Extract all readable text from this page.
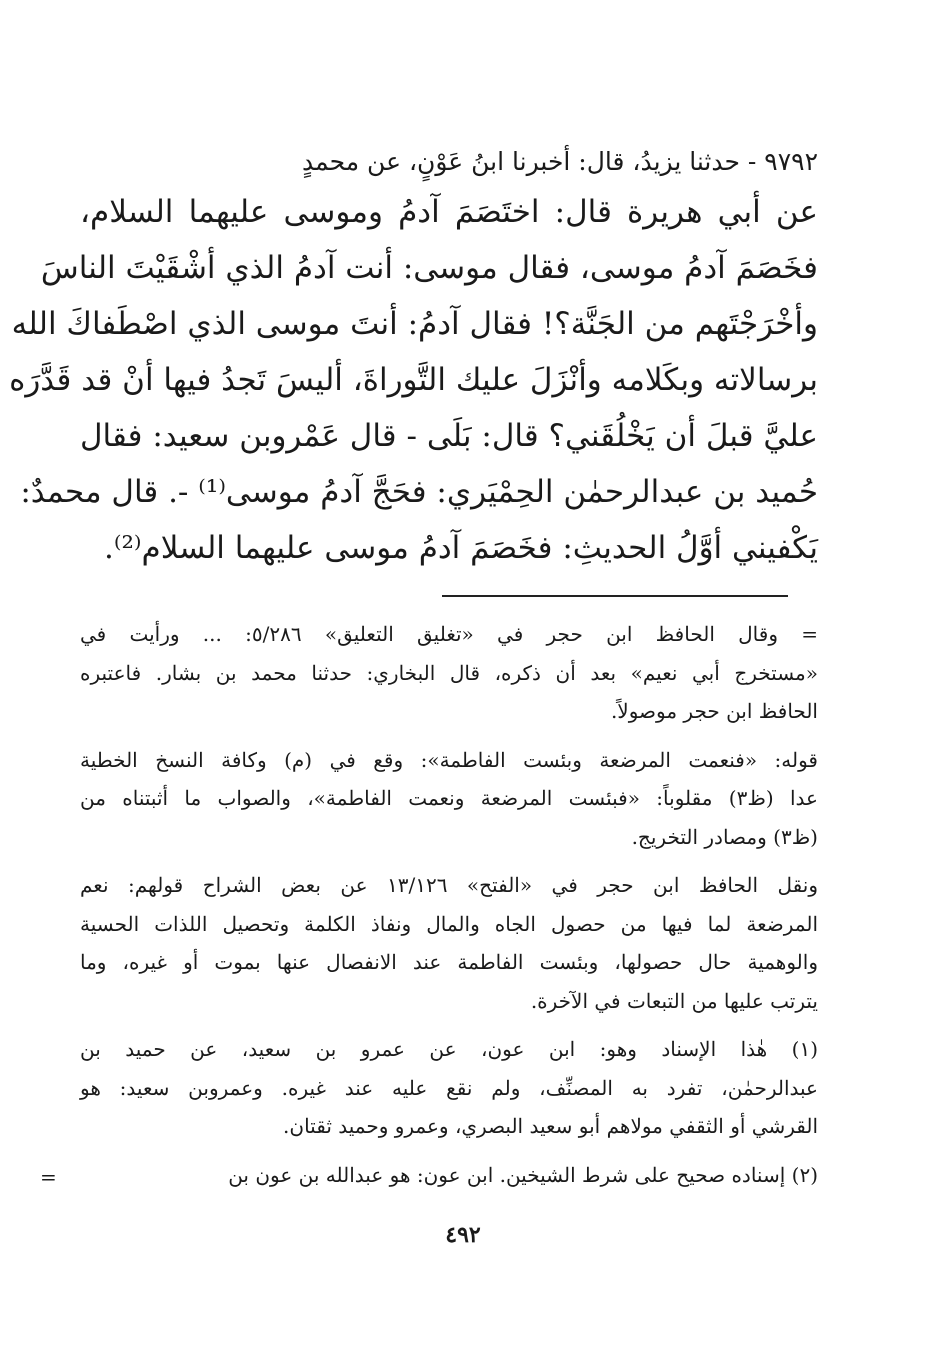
٩٧٩٢ - حدثنا يزيدُ، قال: أخبرنا ابنُ عَوْنٍ، عن محمدٍ
عن أبي هريرة قال: اختَصَمَ آدمُ وموسى عليهما السلام،
فخَصَمَ آدمُ موسى، فقال موسى: أنت آدمُ الذي أشْقَيْتَ الناسَ
وأخْرَجْتَهم من الجَنَّة؟! فقال آدمُ: أنتَ موسى الذي اصْطَفاكَ الله
برسالاته وبكَلامه وأنْزَلَ عليك التَّوراةَ، أليسَ تَجدُ فيها أنْ قد قَدَّرَه
عليَّ قبلَ أن يَخْلُقَني؟ قال: بَلَى - قال عَمْروبن سعيد: فقال
حُميد بن عبدالرحمٰن الحِمْيَري: فحَجَّ آدمُ موسى⁽¹⁾ -. قال محمدٌ:
يَكْفيني أوَّلُ الحديثِ: فخَصَمَ آدمُ موسى عليهما السلام⁽²⁾.
= وقال الحافظ ابن حجر في «تغليق التعليق» ٥/٢٨٦: ... ورأيت في
«مستخرج أبي نعيم» بعد أن ذكره، قال البخاري: حدثنا محمد بن بشار. فاعتبره
الحافظ ابن حجر موصولاً.
قوله: «فنعمت المرضعة وبئست الفاطمة»: وقع في (م) وكافة النسخ الخطية
عدا (ظ٣) مقلوباً: «فبئست المرضعة ونعمت الفاطمة»، والصواب ما أثبتناه من
(ظ٣) ومصادر التخريج.
ونقل الحافظ ابن حجر في «الفتح» ١٣/١٢٦ عن بعض الشراح قولهم: نعم
المرضعة لما فيها من حصول الجاه والمال ونفاذ الكلمة وتحصيل اللذات الحسية
والوهمية حال حصولها، وبئست الفاطمة عند الانفصال عنها بموت أو غيره، وما
يترتب عليها من التبعات في الآخرة.
(١) هٰذا الإسناد وهو: ابن عون، عن عمرو بن سعيد، عن حميد بن
عبدالرحمٰن، تفرد به المصنِّف، ولم نقع عليه عند غيره. وعمروبن سعيد: هو
القرشي أو الثقفي مولاهم أبو سعيد البصري، وعمرو وحميد ثقتان.
(٢) إسناده صحيح على شرط الشيخين. ابن عون: هو عبدالله بن عون بن
=
٤٩٢
